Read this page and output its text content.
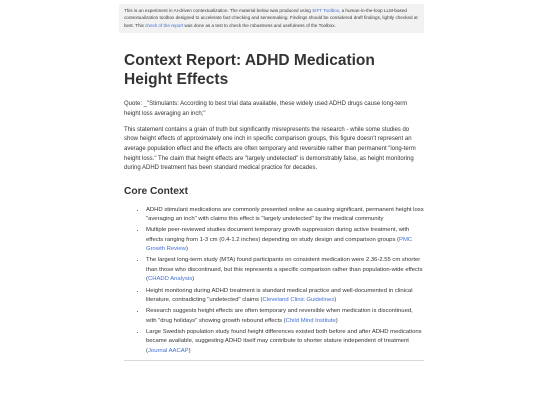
This is an experiment in AI-driven contextualization. The material below was produced using SIFT Toolbox, a human-in-the-loop LLM-based contextualization toolbox designed to accelerate fact-checking and sensemaking. Findings should be considered draft findings, lightly checked at best. This check of the report was done as a test to check the robustness and usefulness of the Toolbox.
Context Report: ADHD Medication Height Effects

Quote: _"Stimulants: According to best trial data available, these widely used ADHD drugs cause long-term height loss averaging an inch;"

This statement contains a grain of truth but significantly misrepresents the research - while some studies do show height effects of approximately one inch in specific comparison groups, this figure doesn't represent an average population effect and the effects are often temporary and reversible rather than permanent "long-term height loss." The claim that height effects are "largely undetected" is demonstrably false, as height monitoring during ADHD treatment has been standard medical practice for decades.

Core Context
• ADHD stimulant medications are commonly presented online as causing significant, permanent height loss "averaging an inch" with claims this effect is "largely undetected" by the medical community
• Multiple peer-reviewed studies document temporary growth suppression during active treatment, with effects ranging from 1-3 cm (0.4-1.2 inches) depending on study design and comparison groups (PMC Growth Review)
• The largest long-term study (MTA) found participants on consistent medication were 2.36-2.55 cm shorter than those who discontinued, but this represents a specific comparison rather than population-wide effects (CHADD Analysis)
• Height monitoring during ADHD treatment is standard medical practice and well-documented in clinical literature, contradicting "undetected" claims (Cleveland Clinic Guidelines)
• Research suggests height effects are often temporary and reversible when medication is discontinued, with "drug holidays" showing growth rebound effects (Child Mind Institute)
• Large Swedish population study found height differences existed both before and after ADHD medications became available, suggesting ADHD itself may contribute to shorter stature independent of treatment (Journal AACAP)
